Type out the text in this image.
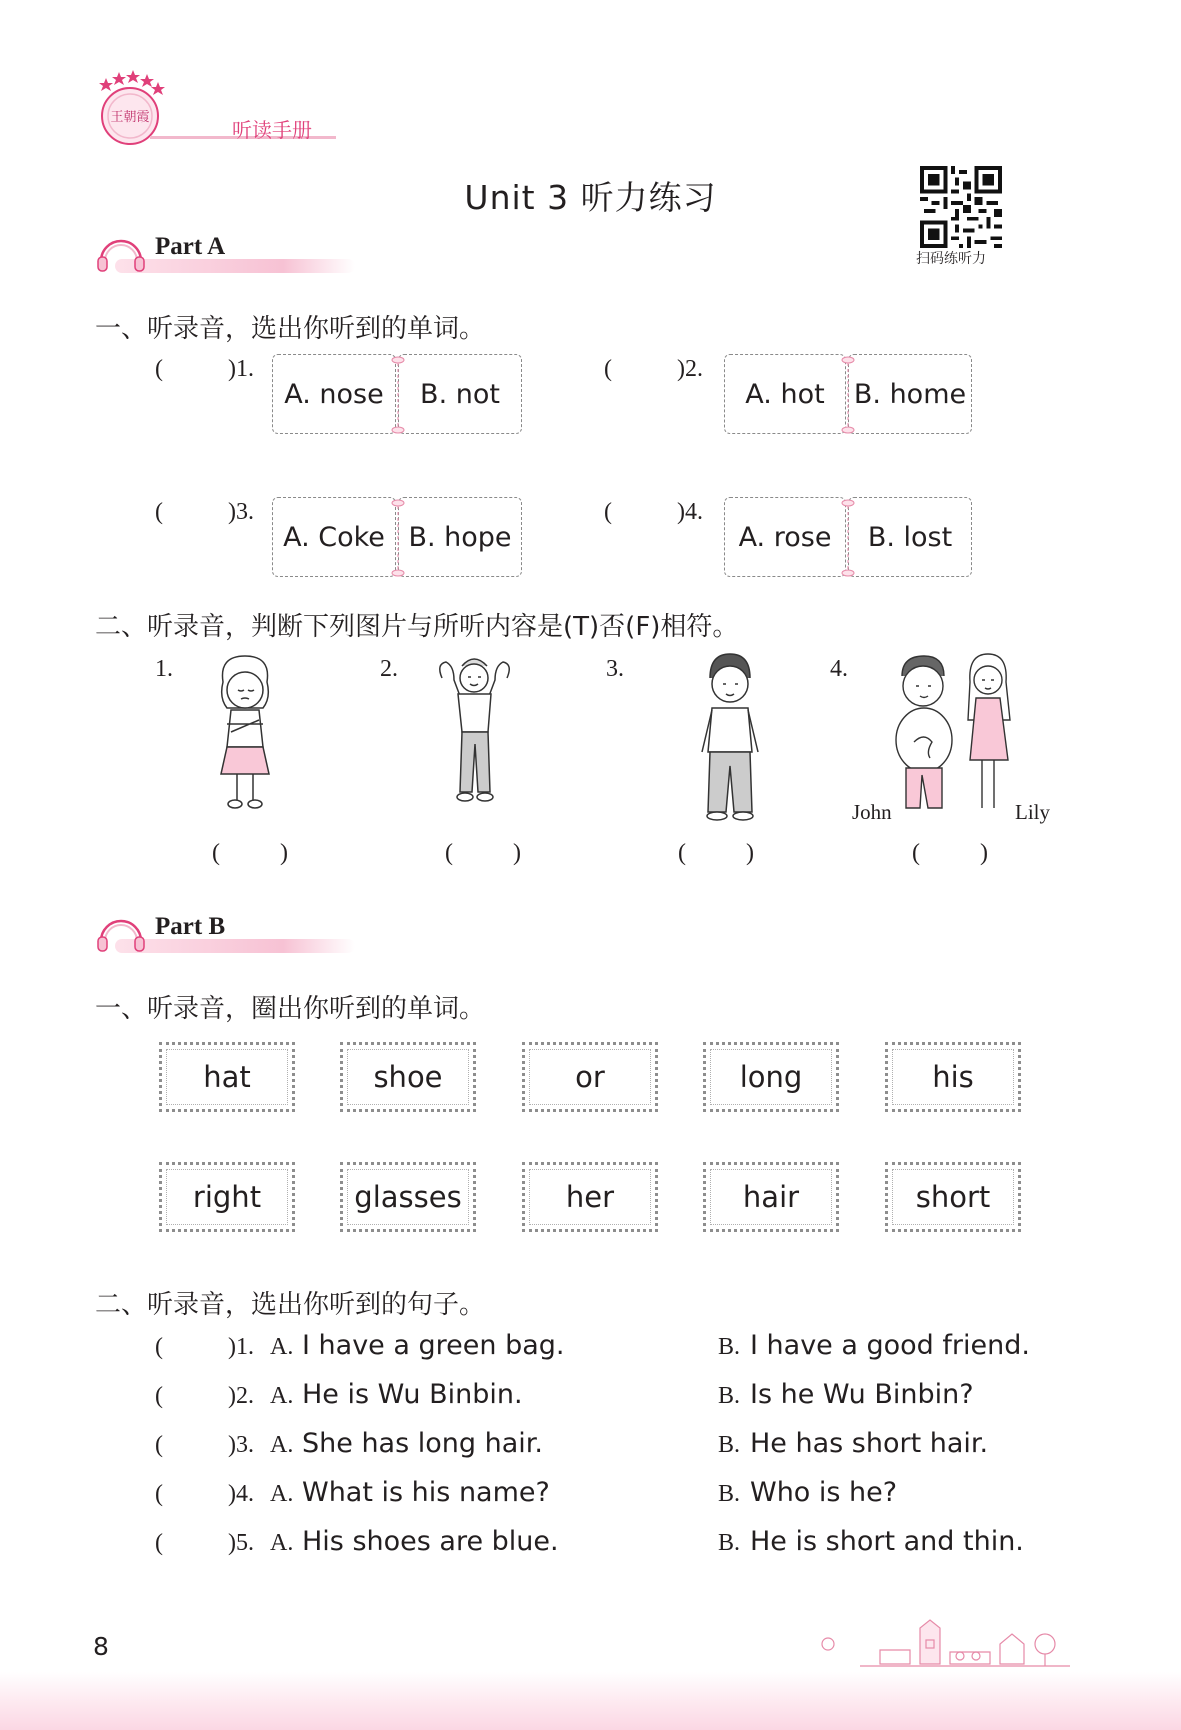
王朝霞
听读手册
Unit 3 听力练习
扫码练听力
Part A
一、听录音，选出你听到的单词。
(	)1.
A. nose	B. not
(	)2.
A. hot	B. home
(	)3.
A. Coke B. hope
(	)4.
A. rose	B. lost
二、听录音，判断下列图片与所听内容是(T)否(F)相符。
1.	2.	3.	4.
John	Lily
(          )	(          )	(          )	(          )
Part B
一、听录音，圈出你听到的单词。
hat	shoe	or	long	his
right	glasses	her	hair	short
二、听录音，选出你听到的句子。
(	)1. A. I have a green bag.	B. I have a good friend.
(	)2. A. He is Wu Binbin.	B. Is he Wu Binbin?
(	)3. A. She has long hair.	B. He has short hair.
(	)4. A. What is his name?	B. Who is he?
(	)5. A. His shoes are blue.	B. He is short and thin.
8
